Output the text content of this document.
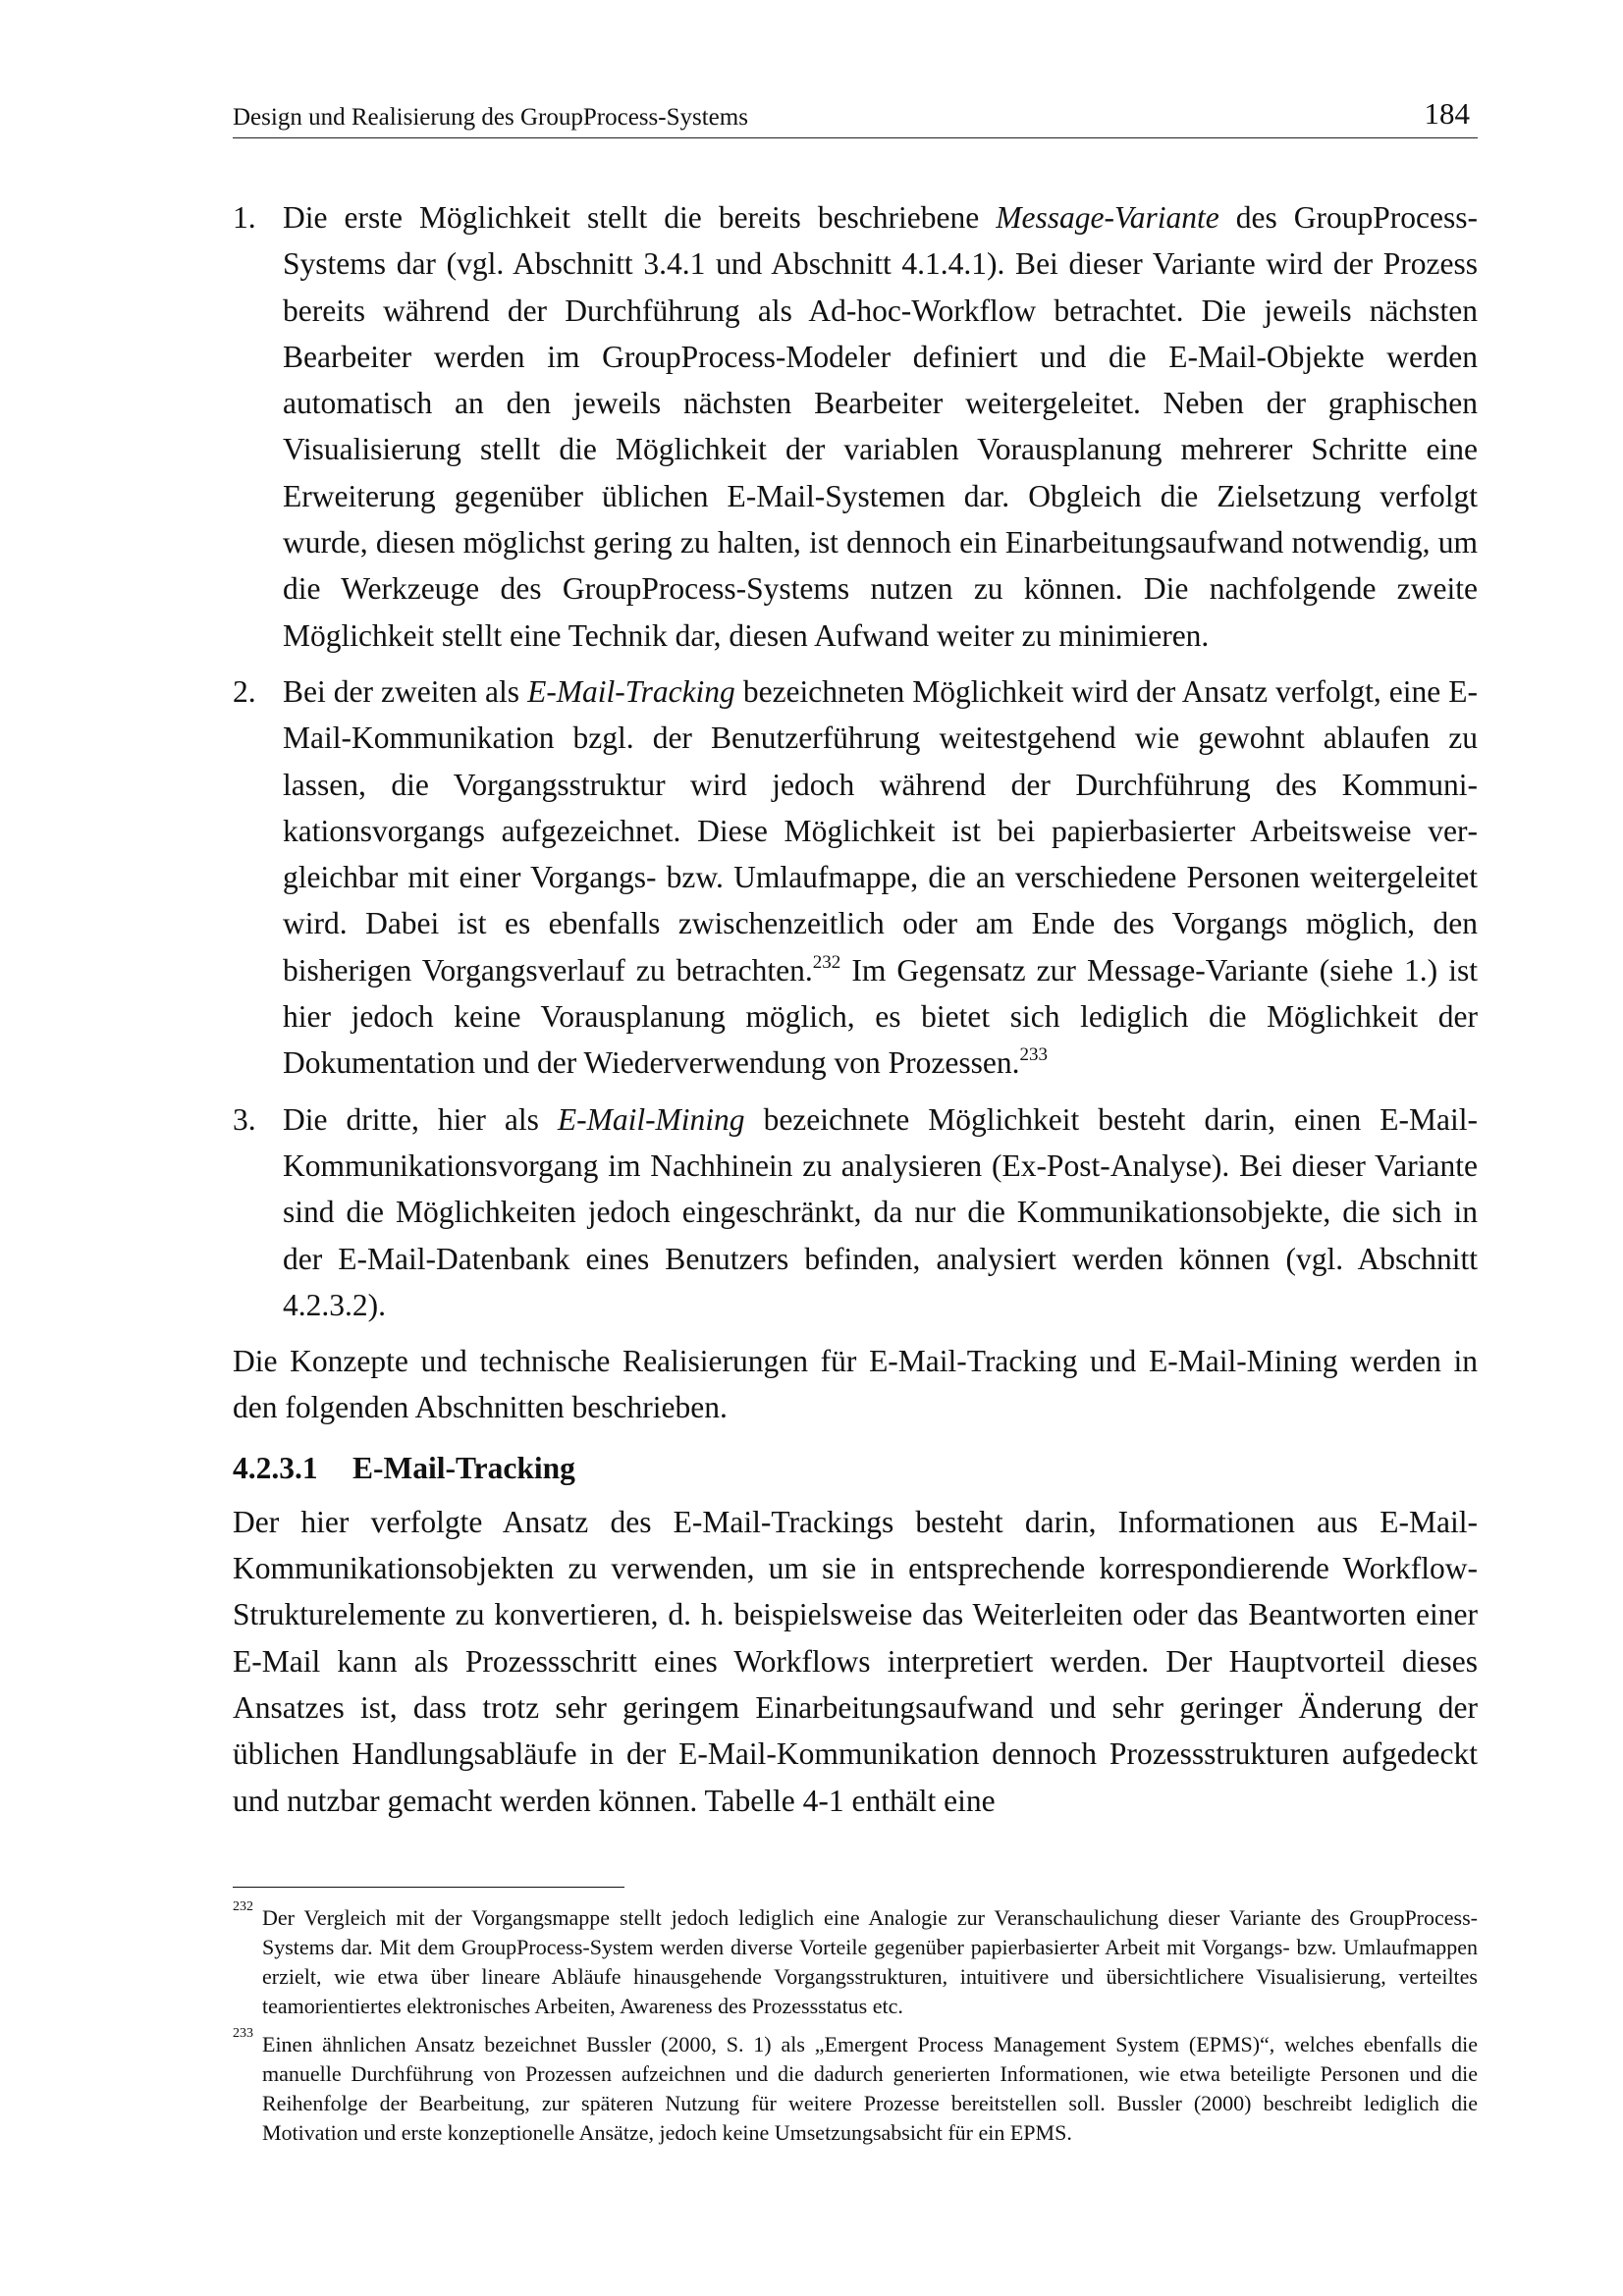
Design und Realisierung des GroupProcess-Systems	184
1. Die erste Möglichkeit stellt die bereits beschriebene Message-Variante des GroupProcess-Systems dar (vgl. Abschnitt 3.4.1 und Abschnitt 4.1.4.1). Bei dieser Variante wird der Prozess bereits während der Durchführung als Ad-hoc-Workflow betrachtet. Die jeweils nächsten Bearbeiter werden im GroupProcess-Modeler definiert und die E-Mail-Objekte werden automatisch an den jeweils nächsten Bearbeiter weitergeleitet. Neben der graphischen Visualisierung stellt die Möglichkeit der variablen Vorausplanung mehrerer Schritte eine Erweiterung gegenüber üblichen E-Mail-Systemen dar. Obgleich die Zielsetzung verfolgt wurde, diesen möglichst gering zu halten, ist dennoch ein Einarbeitungsaufwand notwendig, um die Werkzeuge des GroupProcess-Systems nutzen zu können. Die nachfolgende zweite Möglichkeit stellt eine Technik dar, diesen Aufwand weiter zu minimieren.

2. Bei der zweiten als E-Mail-Tracking bezeichneten Möglichkeit wird der Ansatz verfolgt, eine E-Mail-Kommunikation bzgl. der Benutzerführung weitestgehend wie gewohnt ablaufen zu lassen, die Vorgangsstruktur wird jedoch während der Durchführung des Kommunikationsvorgangs aufgezeichnet. Diese Möglichkeit ist bei papierbasierter Arbeitsweise vergleichbar mit einer Vorgangs- bzw. Umlaufmappe, die an verschiedene Personen weitergeleitet wird. Dabei ist es ebenfalls zwischenzeitlich oder am Ende des Vorgangs möglich, den bisherigen Vorgangsverlauf zu betrachten.$^{232}$ Im Gegensatz zur Message-Variante (siehe 1.) ist hier jedoch keine Vorausplanung möglich, es bietet sich lediglich die Möglichkeit der Dokumentation und der Wiederverwendung von Prozessen.$^{233}$

3. Die dritte, hier als E-Mail-Mining bezeichnete Möglichkeit besteht darin, einen E-Mail-Kommunikationsvorgang im Nachhinein zu analysieren (Ex-Post-Analyse). Bei dieser Variante sind die Möglichkeiten jedoch eingeschränkt, da nur die Kommunikationsobjekte, die sich in der E-Mail-Datenbank eines Benutzers befinden, analysiert werden können (vgl. Abschnitt 4.2.3.2).

Die Konzepte und technische Realisierungen für E-Mail-Tracking und E-Mail-Mining werden in den folgenden Abschnitten beschrieben.

4.2.3.1 E-Mail-Tracking

Der hier verfolgte Ansatz des E-Mail-Trackings besteht darin, Informationen aus E-Mail-Kommunikationsobjekten zu verwenden, um sie in entsprechende korrespondierende Workflow-Strukturelemente zu konvertieren, d. h. beispielsweise das Weiterleiten oder das Beantworten einer E-Mail kann als Prozessschritt eines Workflows interpretiert werden. Der Hauptvorteil dieses Ansatzes ist, dass trotz sehr geringem Einarbeitungsaufwand und sehr geringer Änderung der üblichen Handlungsabläufe in der E-Mail-Kommunikation dennoch Prozessstrukturen aufgedeckt und nutzbar gemacht werden können. Tabelle 4-1 enthält eine

232 Der Vergleich mit der Vorgangsmappe stellt jedoch lediglich eine Analogie zur Veranschaulichung dieser Variante des GroupProcess-Systems dar. Mit dem GroupProcess-System werden diverse Vorteile gegenüber papierbasierter Arbeit mit Vorgangs- bzw. Umlaufmappen erzielt, wie etwa über lineare Abläufe hinausgehende Vorgangsstrukturen, intuitivere und übersichtlichere Visualisierung, verteiltes teamorientiertes elektronisches Arbeiten, Awareness des Prozessstatus etc.
233 Einen ähnlichen Ansatz bezeichnet Bussler (2000, S. 1) als „Emergent Process Management System (EPMS)“, welches ebenfalls die manuelle Durchführung von Prozessen aufzeichnen und die dadurch generierten Informationen, wie etwa beteiligte Personen und die Reihenfolge der Bearbeitung, zur späteren Nutzung für weitere Prozesse bereitstellen soll. Bussler (2000) beschreibt lediglich die Motivation und erste konzeptionelle Ansätze, jedoch keine Umsetzungsabsicht für ein EPMS.
